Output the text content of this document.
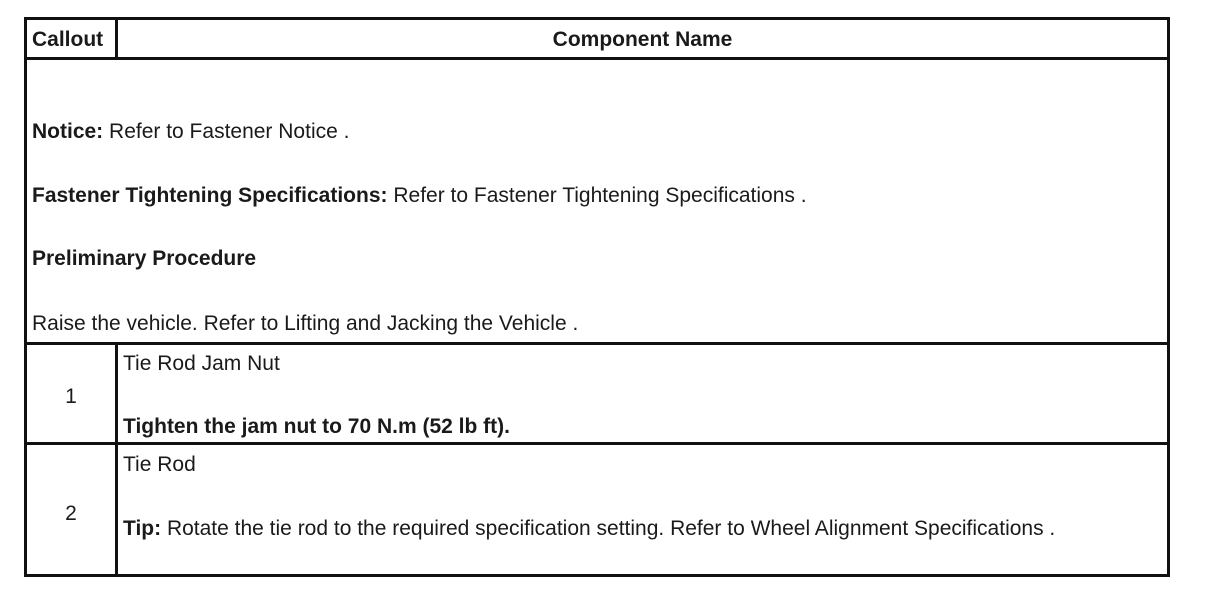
Callout	Component Name
Notice: Refer to Fastener Notice .
Fastener Tightening Specifications: Refer to Fastener Tightening Specifications .
Preliminary Procedure
Raise the vehicle. Refer to Lifting and Jacking the Vehicle .
1
Tie Rod Jam Nut
Tighten the jam nut to 70 N.m (52 lb ft).
2
Tie Rod
Tip: Rotate the tie rod to the required specification setting. Refer to Wheel Alignment Specifications .
